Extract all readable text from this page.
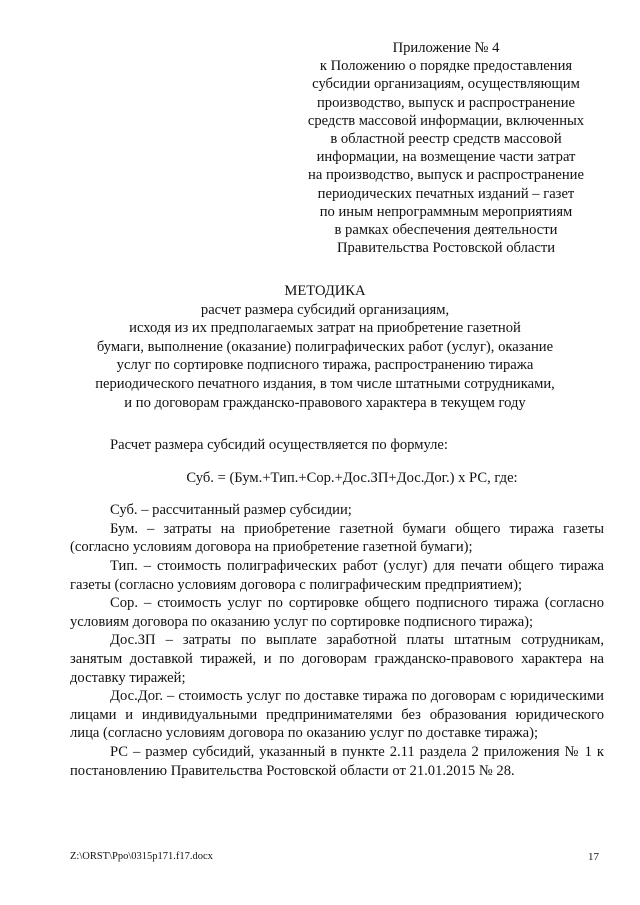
Приложение № 4
к Положению о порядке предоставления
субсидии организациям, осуществляющим
производство, выпуск и распространение
средств массовой информации, включенных
в областной реестр средств массовой
информации, на возмещение части затрат
на производство, выпуск и распространение
периодических печатных изданий – газет
по иным непрограммным мероприятиям
в рамках обеспечения деятельности
Правительства Ростовской области
МЕТОДИКА
расчет размера субсидий организациям,
исходя из их предполагаемых затрат на приобретение газетной
бумаги, выполнение (оказание) полиграфических работ (услуг), оказание
услуг по сортировке подписного тиража, распространению тиража
периодического печатного издания, в том числе штатными сотрудниками,
и по договорам гражданско-правового характера в текущем году
Расчет размера субсидий осуществляется по формуле:
Суб. = (Бум.+Тип.+Сор.+Дос.ЗП+Дос.Дог.) х РС, где:

Суб. – рассчитанный размер субсидии;

Бум. – затраты на приобретение газетной бумаги общего тиража газеты (согласно условиям договора на приобретение газетной бумаги);

Тип. – стоимость полиграфических работ (услуг) для печати общего тиража газеты (согласно условиям договора с полиграфическим предприятием);

Сор. – стоимость услуг по сортировке общего подписного тиража (согласно условиям договора по оказанию услуг по сортировке подписного тиража);

Дос.ЗП – затраты по выплате заработной платы штатным сотрудникам, занятым доставкой тиражей, и по договорам гражданско-правового характера на доставку тиражей;

Дос.Дог. – стоимость услуг по доставке тиража по договорам с юридическими лицами и индивидуальными предпринимателями без образования юридического лица (согласно условиям договора по оказанию услуг по доставке тиража);

РС – размер субсидий, указанный в пункте 2.11 раздела 2 приложения № 1 к постановлению Правительства Ростовской области от 21.01.2015 № 28.

Z:\ORST\Ppo\0315p171.f17.docx	17
